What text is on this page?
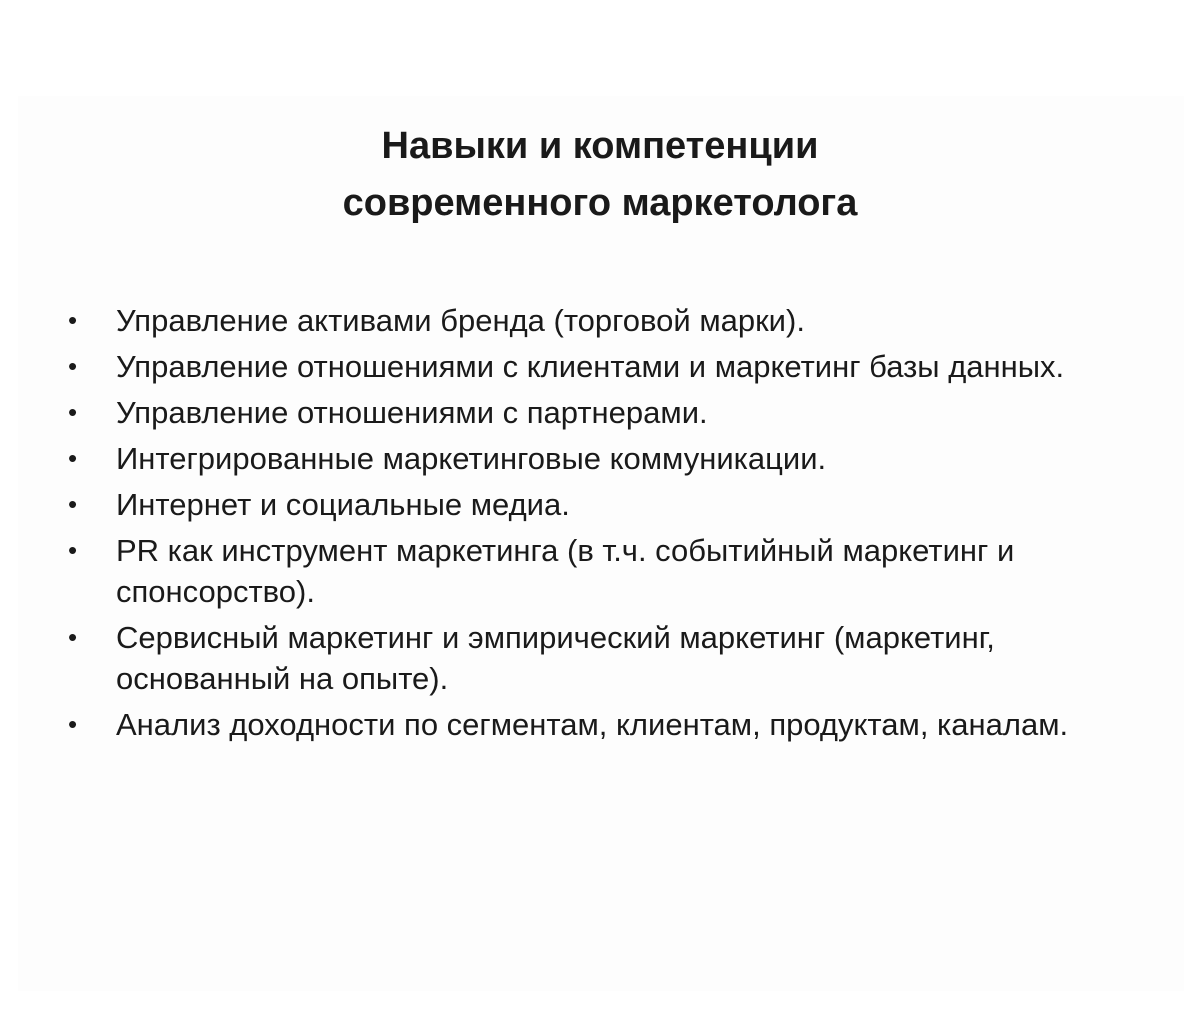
Навыки и компетенции
современного маркетолога
•	Управление активами бренда (торговой марки).
•	Управление отношениями с клиентами и маркетинг базы данных.
•	Управление отношениями с партнерами.
•	Интегрированные маркетинговые коммуникации.
•	Интернет и социальные медиа.
•	PR как инструмент маркетинга (в т.ч. событийный маркетинг и спонсорство).
•	Сервисный маркетинг и эмпирический маркетинг (маркетинг, основанный на опыте).
•	Анализ доходности по сегментам, клиентам, продуктам, каналам.
